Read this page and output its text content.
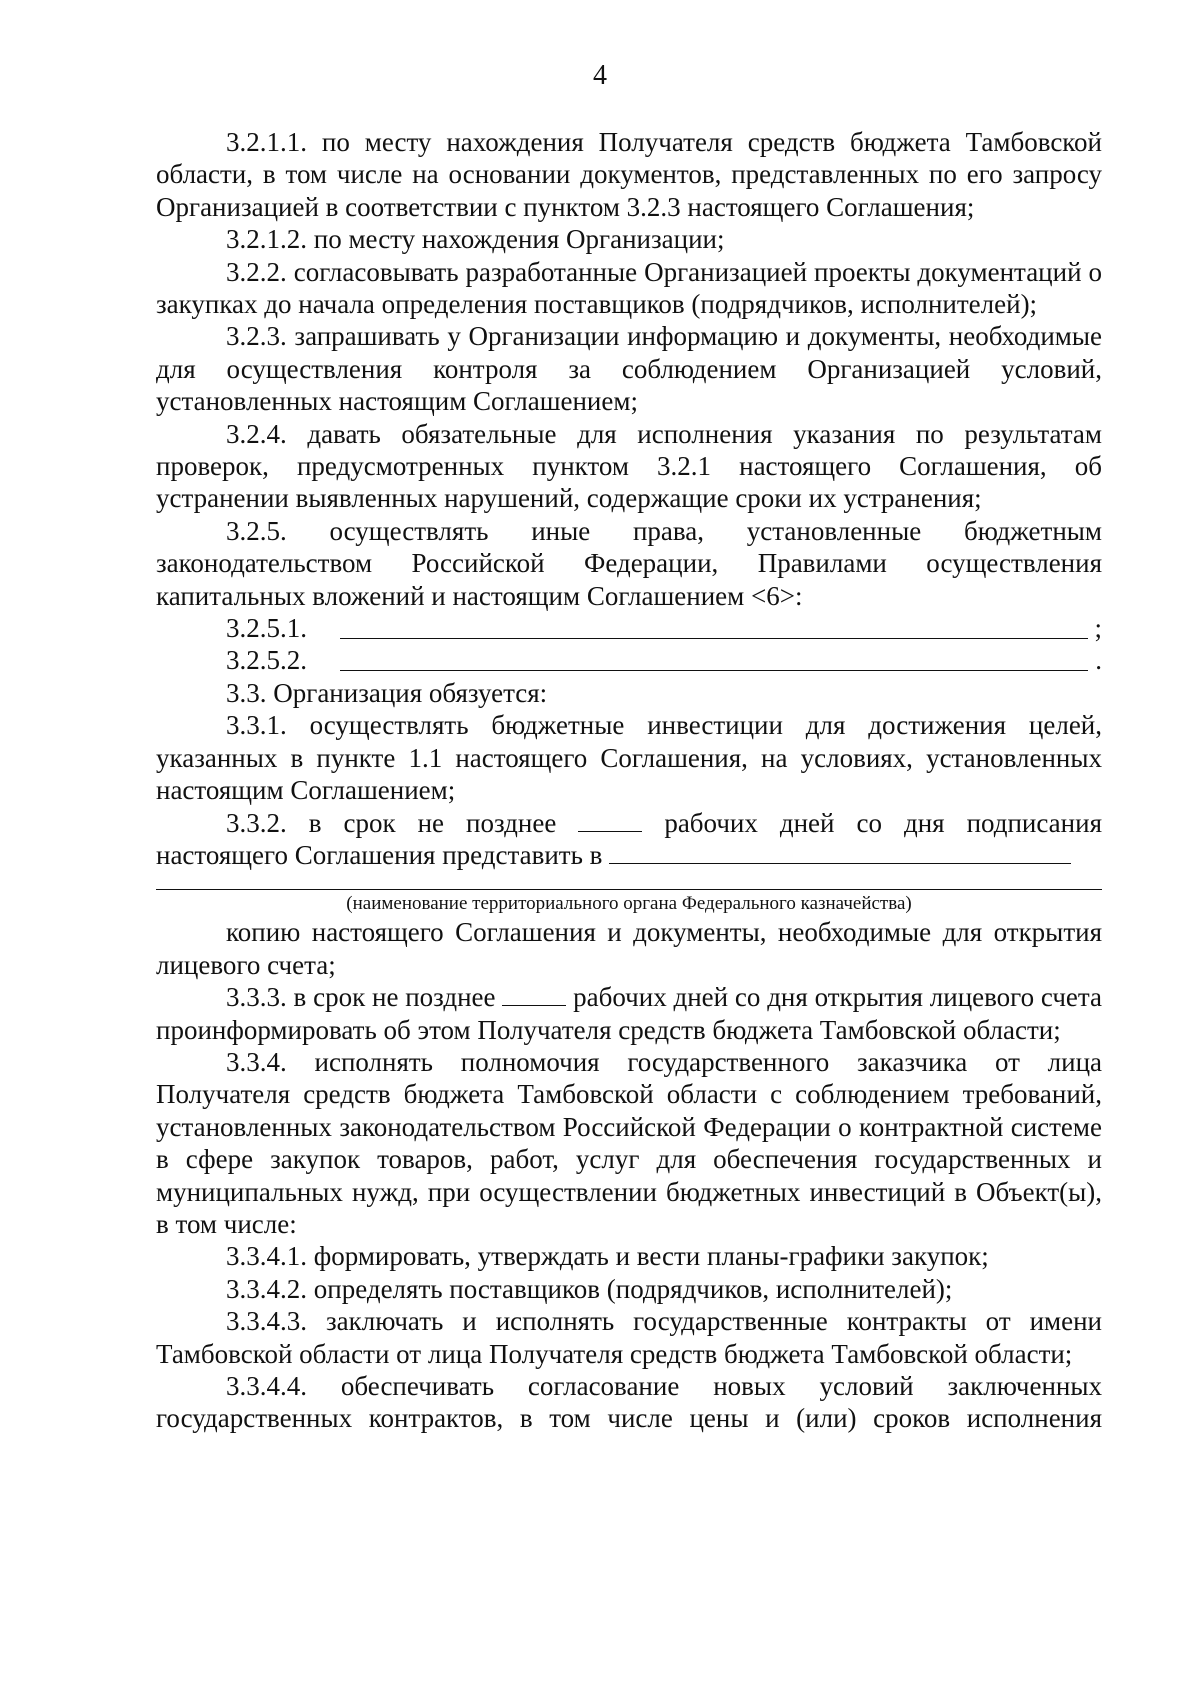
4

3.2.1.1. по месту нахождения Получателя средств бюджета Тамбовской области, в том числе на основании документов, представленных по его запросу Организацией в соответствии с пунктом 3.2.3 настоящего Соглашения;

3.2.1.2. по месту нахождения Организации;

3.2.2. согласовывать разработанные Организацией проекты документаций о закупках до начала определения поставщиков (подрядчиков, исполнителей);

3.2.3. запрашивать у Организации информацию и документы, необходимые для осуществления контроля за соблюдением Организацией условий, установленных настоящим Соглашением;

3.2.4. давать обязательные для исполнения указания по результатам проверок, предусмотренных пунктом 3.2.1 настоящего Соглашения, об устранении выявленных нарушений, содержащие сроки их устранения;

3.2.5. осуществлять иные права, установленные бюджетным законодательством Российской Федерации, Правилами осуществления капитальных вложений и настоящим Соглашением <6>:

3.2.5.1.	;
3.2.5.2.	.

3.3. Организация обязуется:

3.3.1. осуществлять бюджетные инвестиции для достижения целей, указанных в пункте 1.1 настоящего Соглашения, на условиях, установленных настоящим Соглашением;

3.3.2. в срок не позднее	рабочих дней со дня подписания

настоящего Соглашения представить в

(наименование территориального органа Федерального казначейства)

копию настоящего Соглашения и документы, необходимые для открытия лицевого счета;

3.3.3. в срок не позднее	рабочих дней со дня открытия лицевого счета проинформировать об этом Получателя средств бюджета Тамбовской области;

3.3.4. исполнять полномочия государственного заказчика от лица Получателя средств бюджета Тамбовской области с соблюдением требований, установленных законодательством Российской Федерации о контрактной системе в сфере закупок товаров, работ, услуг для обеспечения государственных и муниципальных нужд, при осуществлении бюджетных инвестиций в Объект(ы), в том числе:

3.3.4.1. формировать, утверждать и вести планы-графики закупок;

3.3.4.2. определять поставщиков (подрядчиков, исполнителей);

3.3.4.3. заключать и исполнять государственные контракты от имени Тамбовской области от лица Получателя средств бюджета Тамбовской области;

3.3.4.4. обеспечивать согласование новых условий заключенных государственных контрактов, в том числе цены и (или) сроков исполнения
